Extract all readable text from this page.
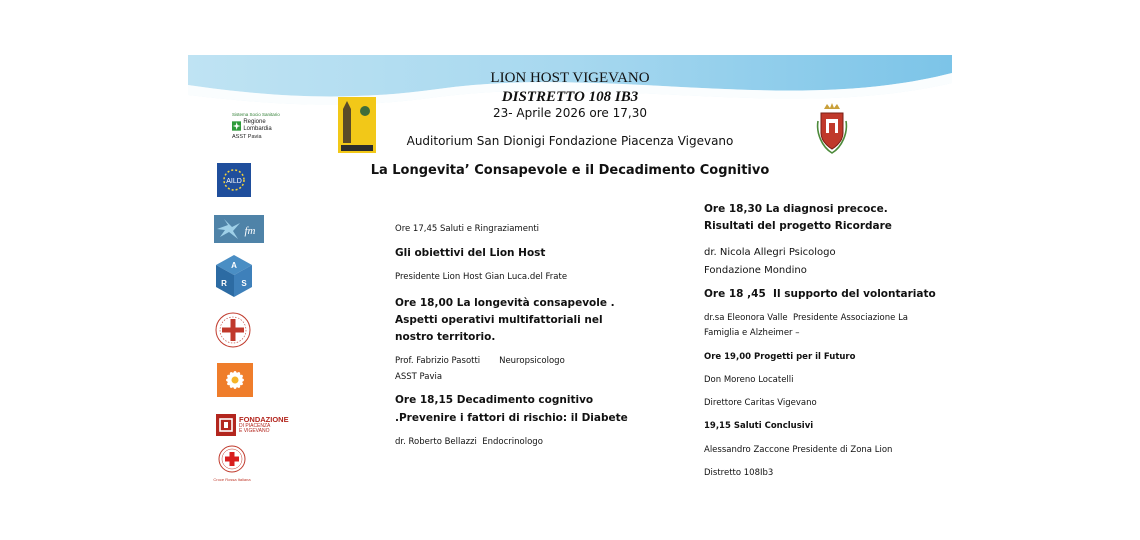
LION HOST VIGEVANO
DISTRETTO 108 IB3
23- Aprile 2026 ore 17,30
Auditorium San Dionigi Fondazione Piacenza Vigevano
La Longevita’ Consapevole e il Decadimento Cognitivo
Sistema Socio Sanitario
Regione Lombardia
ASST Pavia
AILD
fm
A
R S
FONDAZIONE
DI PIACENZA
E VIGEVANO
Croce Rossa Italiana
Ore 17,45 Saluti e Ringraziamenti
Gli obiettivi del Lion Host
Presidente Lion Host Gian Luca.del Frate
Ore 18,00 La longevità consapevole .
Aspetti operativi multifattoriali nel
nostro territorio.
Prof. Fabrizio Pasotti       Neuropsicologo
ASST Pavia
Ore 18,15 Decadimento cognitivo
.Prevenire i fattori di rischio: il Diabete
dr. Roberto Bellazzi  Endocrinologo
Ore 18,30 La diagnosi precoce.
Risultati del progetto Ricordare
dr. Nicola Allegri Psicologo
Fondazione Mondino
Ore 18 ,45  Il supporto del volontariato
dr.sa Eleonora Valle  Presidente Associazione La
Famiglia e Alzheimer –
Ore 19,00 Progetti per il Futuro
Don Moreno Locatelli
Direttore Caritas Vigevano
19,15 Saluti Conclusivi
Alessandro Zaccone Presidente di Zona Lion
Distretto 108Ib3
